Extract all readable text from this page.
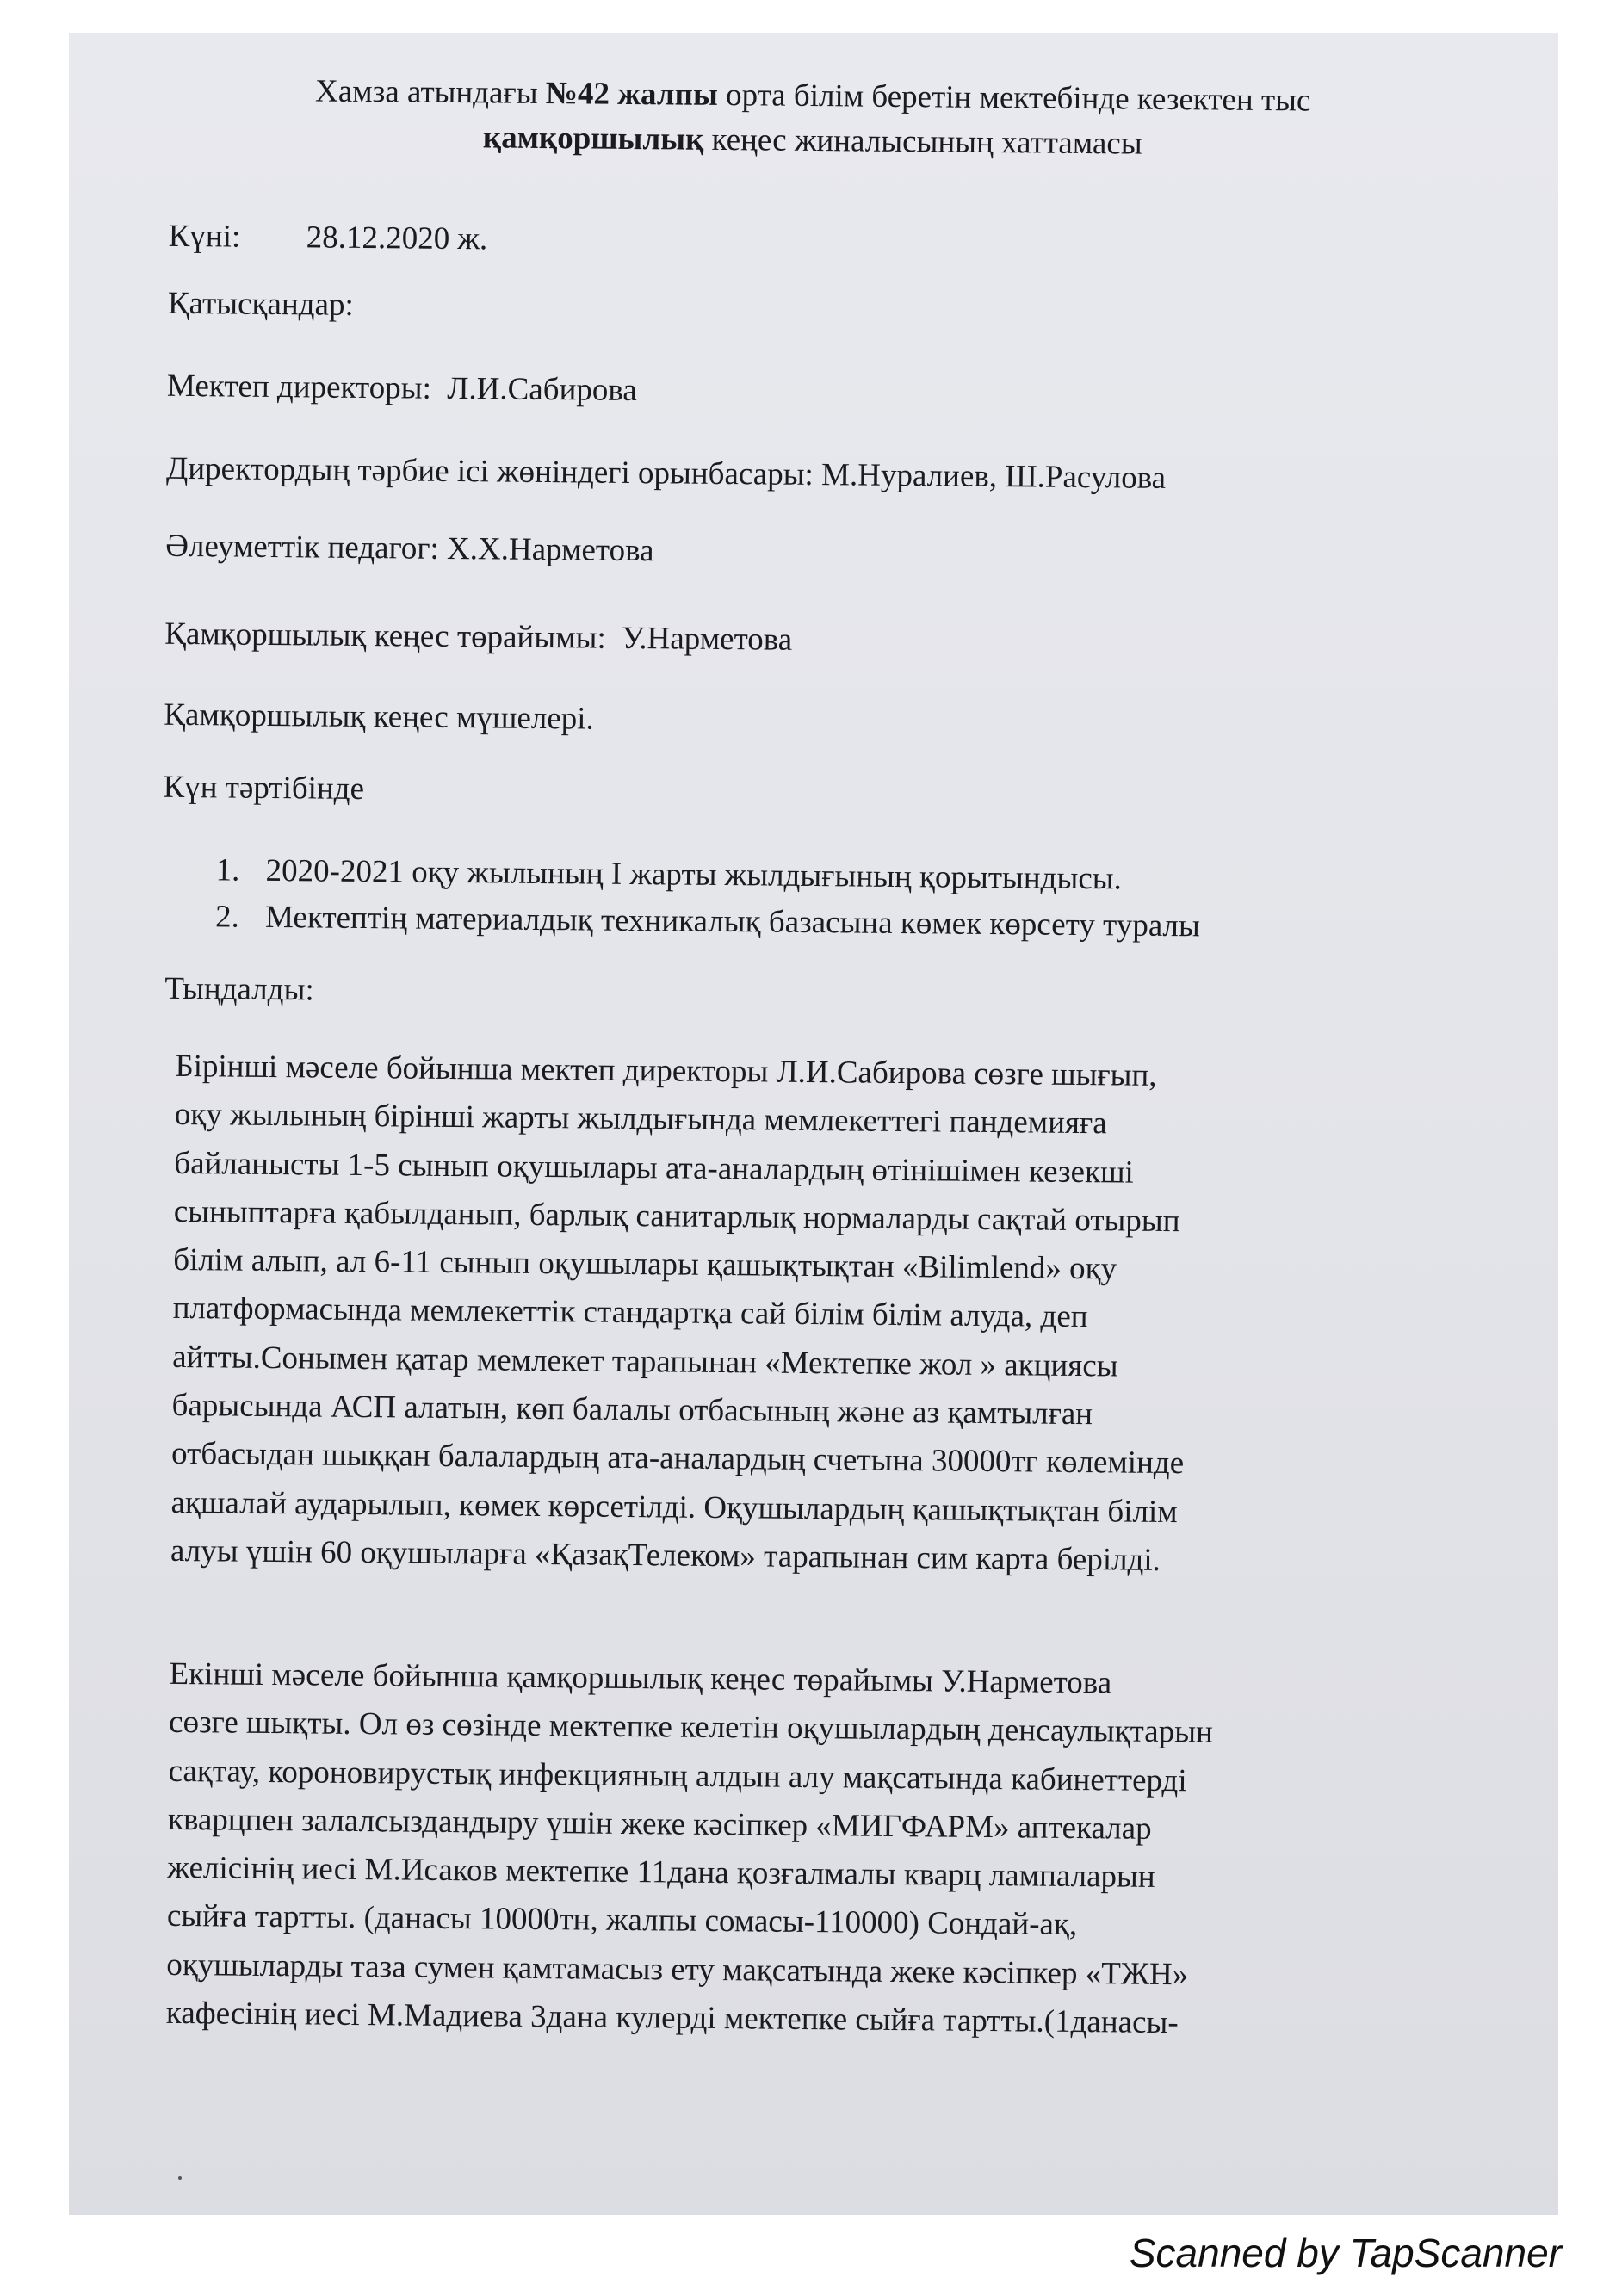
Хамза атындағы №42 жалпы орта білім беретін мектебінде кезектен тыс
қамқоршылық кеңес жиналысының хаттамасы
Күні: 28.12.2020 ж.
Қатысқандар:
Мектеп директоры: Л.И.Сабирова
Директордың тәрбие ісі жөніндегі орынбасары: М.Нуралиев, Ш.Расулова
Әлеуметтік педагог: Х.Х.Нарметова
Қамқоршылық кеңес төрайымы: У.Нарметова
Қамқоршылық кеңес мүшелері.
Күн тәртібінде
1. 2020-2021 оқу жылының І жарты жылдығының қорытындысы.
2. Мектептің материалдық техникалық базасына көмек көрсету туралы
Тыңдалды:

Бірінші мәселе бойынша мектеп директоры Л.И.Сабирова сөзге шығып,

оқу жылының бірінші жарты жылдығында мемлекеттегі пандемияға

байланысты 1-5 сынып оқушылары ата-аналардың өтінішімен кезекші

сыныптарға қабылданып, барлық санитарлық нормаларды сақтай отырып

білім алып, ал 6-11 сынып оқушылары қашықтықтан «Bilimlend» оқу

платформасында мемлекеттік стандартқа сай білім білім алуда, деп

айтты.Сонымен қатар мемлекет тарапынан «Мектепке жол » акциясы

барысында АСП алатын, көп балалы отбасының және аз қамтылған

отбасыдан шыққан балалардың ата-аналардың счетына 30000тг көлемінде

ақшалай аударылып, көмек көрсетілді. Оқушылардың қашықтықтан білім

алуы үшін 60 оқушыларға «ҚазақТелеком» тарапынан сим карта берілді.

Екінші мәселе бойынша қамқоршылық кеңес төрайымы У.Нарметова

сөзге шықты. Ол өз сөзінде мектепке келетін оқушылардың денсаулықтарын

сақтау, короновирустық инфекцияның алдын алу мақсатында кабинеттерді

кварцпен залалсыздандыру үшін жеке кәсіпкер «МИГФАРМ» аптекалар

желісінің иесі М.Исаков мектепке 11дана қозғалмалы кварц лампаларын

сыйға тартты. (данасы 10000тн, жалпы сомасы-110000) Сондай-ақ,

оқушыларды таза сумен қамтамасыз ету мақсатында жеке кәсіпкер «ТЖН»

кафесінің иесі М.Мадиева 3дана кулерді мектепке сыйға тартты.(1данасы-

Scanned by TapScanner
